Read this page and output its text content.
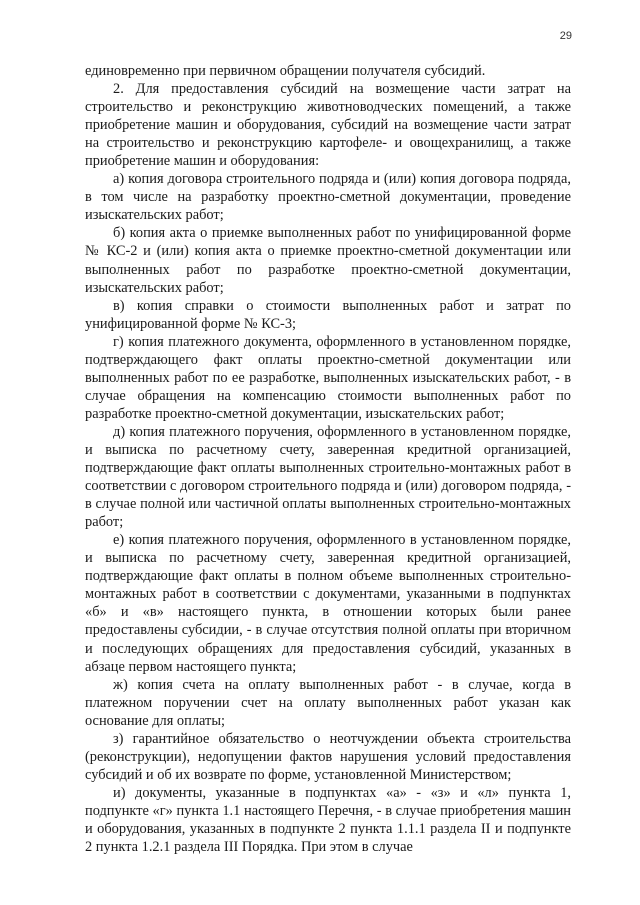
29

единовременно при первичном обращении получателя субсидий.

2. Для предоставления субсидий на возмещение части затрат на строительство и реконструкцию животноводческих помещений, а также приобретение машин и оборудования, субсидий на возмещение части затрат на строительство и реконструкцию картофеле- и овощехранилищ, а также приобретение машин и оборудования:

а) копия договора строительного подряда и (или) копия договора подряда, в том числе на разработку проектно-сметной документации, проведение изыскательских работ;

б) копия акта о приемке выполненных работ по унифицированной форме № КС-2 и (или) копия акта о приемке проектно-сметной документации или выполненных работ по разработке проектно-сметной документации, изыскательских работ;

в) копия справки о стоимости выполненных работ и затрат по унифицированной форме № КС-3;

г) копия платежного документа, оформленного в установленном порядке, подтверждающего факт оплаты проектно-сметной документации или выполненных работ по ее разработке, выполненных изыскательских работ, - в случае обращения на компенсацию стоимости выполненных работ по разработке проектно-сметной документации, изыскательских работ;

д) копия платежного поручения, оформленного в установленном порядке, и выписка по расчетному счету, заверенная кредитной организацией, подтверждающие факт оплаты выполненных строительно-монтажных работ в соответствии с договором строительного подряда и (или) договором подряда, - в случае полной или частичной оплаты выполненных строительно-монтажных работ;

е) копия платежного поручения, оформленного в установленном порядке, и выписка по расчетному счету, заверенная кредитной организацией, подтверждающие факт оплаты в полном объеме выполненных строительно-монтажных работ в соответствии с документами, указанными в подпунктах «б» и «в» настоящего пункта, в отношении которых были ранее предоставлены субсидии, - в случае отсутствия полной оплаты при вторичном и последующих обращениях для предоставления субсидий, указанных в абзаце первом настоящего пункта;

ж) копия счета на оплату выполненных работ - в случае, когда в платежном поручении счет на оплату выполненных работ указан как основание для оплаты;

з) гарантийное обязательство о неотчуждении объекта строительства (реконструкции), недопущении фактов нарушения условий предоставления субсидий и об их возврате по форме, установленной Министерством;

и) документы, указанные в подпунктах «а» - «з» и «л» пункта 1, подпункте «г» пункта 1.1 настоящего Перечня, - в случае приобретения машин и оборудования, указанных в подпункте 2 пункта 1.1.1 раздела II и подпункте 2 пункта 1.2.1 раздела III Порядка. При этом в случае
